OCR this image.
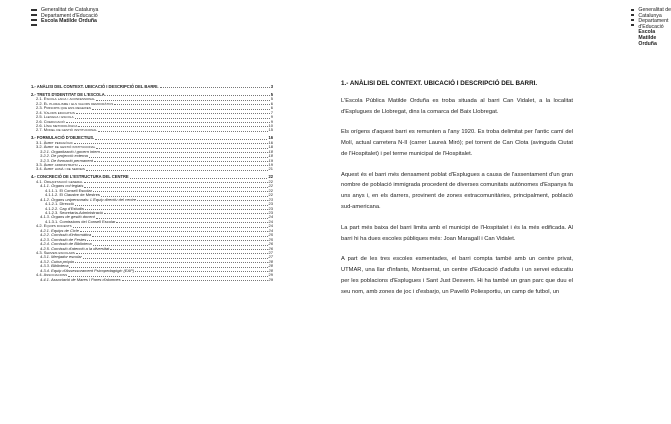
Generalitat de Catalunya
Departament d'Educació
Escola Matilde Orduña
1.- ANÀLISI DEL CONTEXT. UBICACIÓ I DESCRIPCIÓ DEL BARRI.	3
2.- TRETS D'IDENTITAT DE L'ESCOLA.	5
2.1. Escola laica i aconfessional	5
2.2. El pluralisme i els valors democràtics	6
2.3. Principis que ens regeixen	6
2.4. Valors educatius	7
2.5. Llengua i escola	9
2.6. Coeducació	9
2.6. Línia metodològica	10
2.7. Model de gestió institucional	15
3.- FORMULACIÓ D'OBJECTIUS.	16
3.1. Àmbit pedagògic	16
3.2. Àmbit de gestió institucional	18
3.2.1. Organització i govern intern	18
3.2.2. De projecció externa	18
3.2.3. De formació permanent	19
3.3. Àmbit administratiu	19
3.4. Àmbit humà i de serveis	21
4.- CONCRECIÓ DE L'ESTRUCTURA DEL CENTRE	22
4.1. Organització general	22
4.1.1. Òrgans col·legiats	22
4.1.1.1. El Consell Escolar	22
4.1.1.2. El Claustre de Mestres	22
4.1.2. Òrgans unipersonals: L'Equip directiu del centre	23
4.1.2.1. Direcció	23
4.1.2.2. Cap d'Estudis	23
4.1.2.3. Secretaria-Administració	23
4.1.3. Òrgans de gestió docent	24
4.1.3.1. Comissions del Consell Escolar	24
4.2. Equips docents	24
4.2.1. Equips de Cicle	24
4.2.2. Comissió d'informàtica	25
4.2.3. Comissió de Festes	25
4.2.4. Comissió de Biblioteca	26
4.2.5. Comissió d'atenció a la diversitat	26
4.3. Serveis escolars	27
4.3.1. Menjador escolar	27
4.3.2. Cuina pròpia	28
4.3.3. Biblioteca	28
4.3.4. Equip d'Assessorament Psicopedagògic (EAP)	28
4.4. Associacions	29
4.4.1. Associació de Mares i Pares d'alumnes	29
Generalitat de Catalunya
Departament d'Educació
Escola Matilde Orduña
1.- ANÀLISI DEL CONTEXT. UBICACIÓ I DESCRIPCIÓ DEL BARRI.

L'Escola Pública Matilde Orduña es troba situada al barri Can Vidalet, a la localitat d'Esplugues de Llobregat, dins la comarca del Baix Llobregat.

Els orígens d'aquest barri es remunten a l'any 1920. Es troba delimitat per l'antic camí del Molí, actual carretera N-II (carrer Laureà Miró); pel torrent de Can Clota (avinguda Ciutat de l'Hospitalet) i pel terme municipal de l'Hospitalet.

Aquest és el barri més densament poblat d'Esplugues a causa de l'assentament d'un gran nombre de població immigrada procedent de diverses comunitats autònomes d'Espanya fa uns anys i, en els darrers, provinent de zones extracomunitàries, principalment, població sud-americana.

La part més baixa del barri limita amb el municipi de l'Hospitalet i és la més edificada. Al barri hi ha dues escoles públiques més: Joan Maragall i Can Vidalet.

A part de les tres escoles esmentades, el barri compta també amb un centre privat, UTMAR, una llar d'infants, Montserrat, un centre d'Educació d'adults i un servei educatiu per les poblacions d'Esplugues i Sant Just Desvern. Hi ha també un gran parc que duu el seu nom, amb zones de joc i d'esbarjo, un Pavelló Poliesportiu, un camp de futbol, un
